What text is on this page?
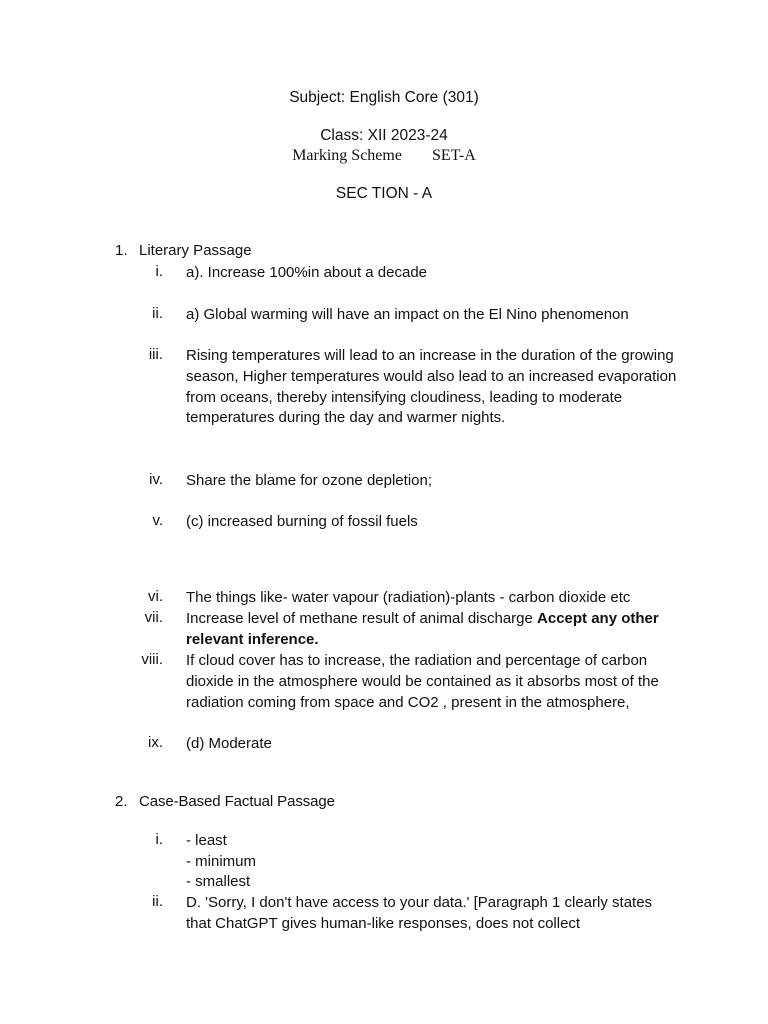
Subject: English Core (301)
Class: XII 2023-24
Marking Scheme SET-A
SEC TION - A
1. Literary Passage
i. a). Increase 100%in about a decade
ii. a) Global warming will have an impact on the El Nino phenomenon
iii. Rising temperatures will lead to an increase in the duration of the growing season, Higher temperatures would also lead to an increased evaporation from oceans, thereby intensifying cloudiness, leading to moderate temperatures during the day and warmer nights.
iv. Share the blame for ozone depletion;
v. (c) increased burning of fossil fuels
vi. The things like- water vapour (radiation)-plants - carbon dioxide etc
vii. Increase level of methane result of animal discharge Accept any other relevant inference.
viii. If cloud cover has to increase, the radiation and percentage of carbon dioxide in the atmosphere would be contained as it absorbs most of the radiation coming from space and CO2 , present in the atmosphere,
ix. (d) Moderate
2. Case-Based Factual Passage
i. - least
- minimum
- smallest
ii. D. 'Sorry, I don't have access to your data.' [Paragraph 1 clearly states that ChatGPT gives human-like responses, does not collect
